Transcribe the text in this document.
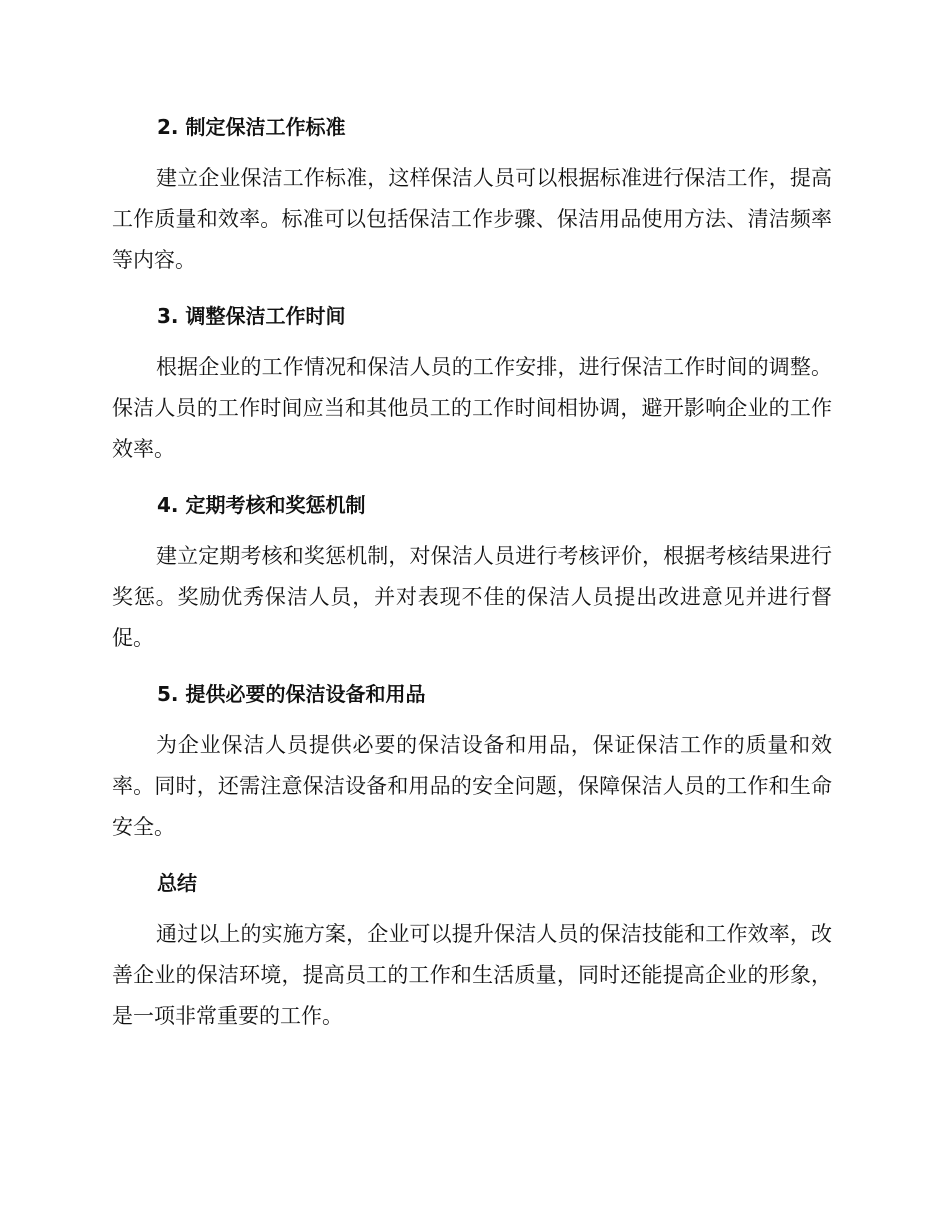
2. 制定保洁工作标准

建立企业保洁工作标准，这样保洁人员可以根据标准进行保洁工作，提高工作质量和效率。标准可以包括保洁工作步骤、保洁用品使用方法、清洁频率等内容。

3. 调整保洁工作时间

根据企业的工作情况和保洁人员的工作安排，进行保洁工作时间的调整。保洁人员的工作时间应当和其他员工的工作时间相协调，避开影响企业的工作效率。

4. 定期考核和奖惩机制

建立定期考核和奖惩机制，对保洁人员进行考核评价，根据考核结果进行奖惩。奖励优秀保洁人员，并对表现不佳的保洁人员提出改进意见并进行督促。

5. 提供必要的保洁设备和用品

为企业保洁人员提供必要的保洁设备和用品，保证保洁工作的质量和效率。同时，还需注意保洁设备和用品的安全问题，保障保洁人员的工作和生命安全。

总结

通过以上的实施方案，企业可以提升保洁人员的保洁技能和工作效率，改善企业的保洁环境，提高员工的工作和生活质量，同时还能提高企业的形象，是一项非常重要的工作。
